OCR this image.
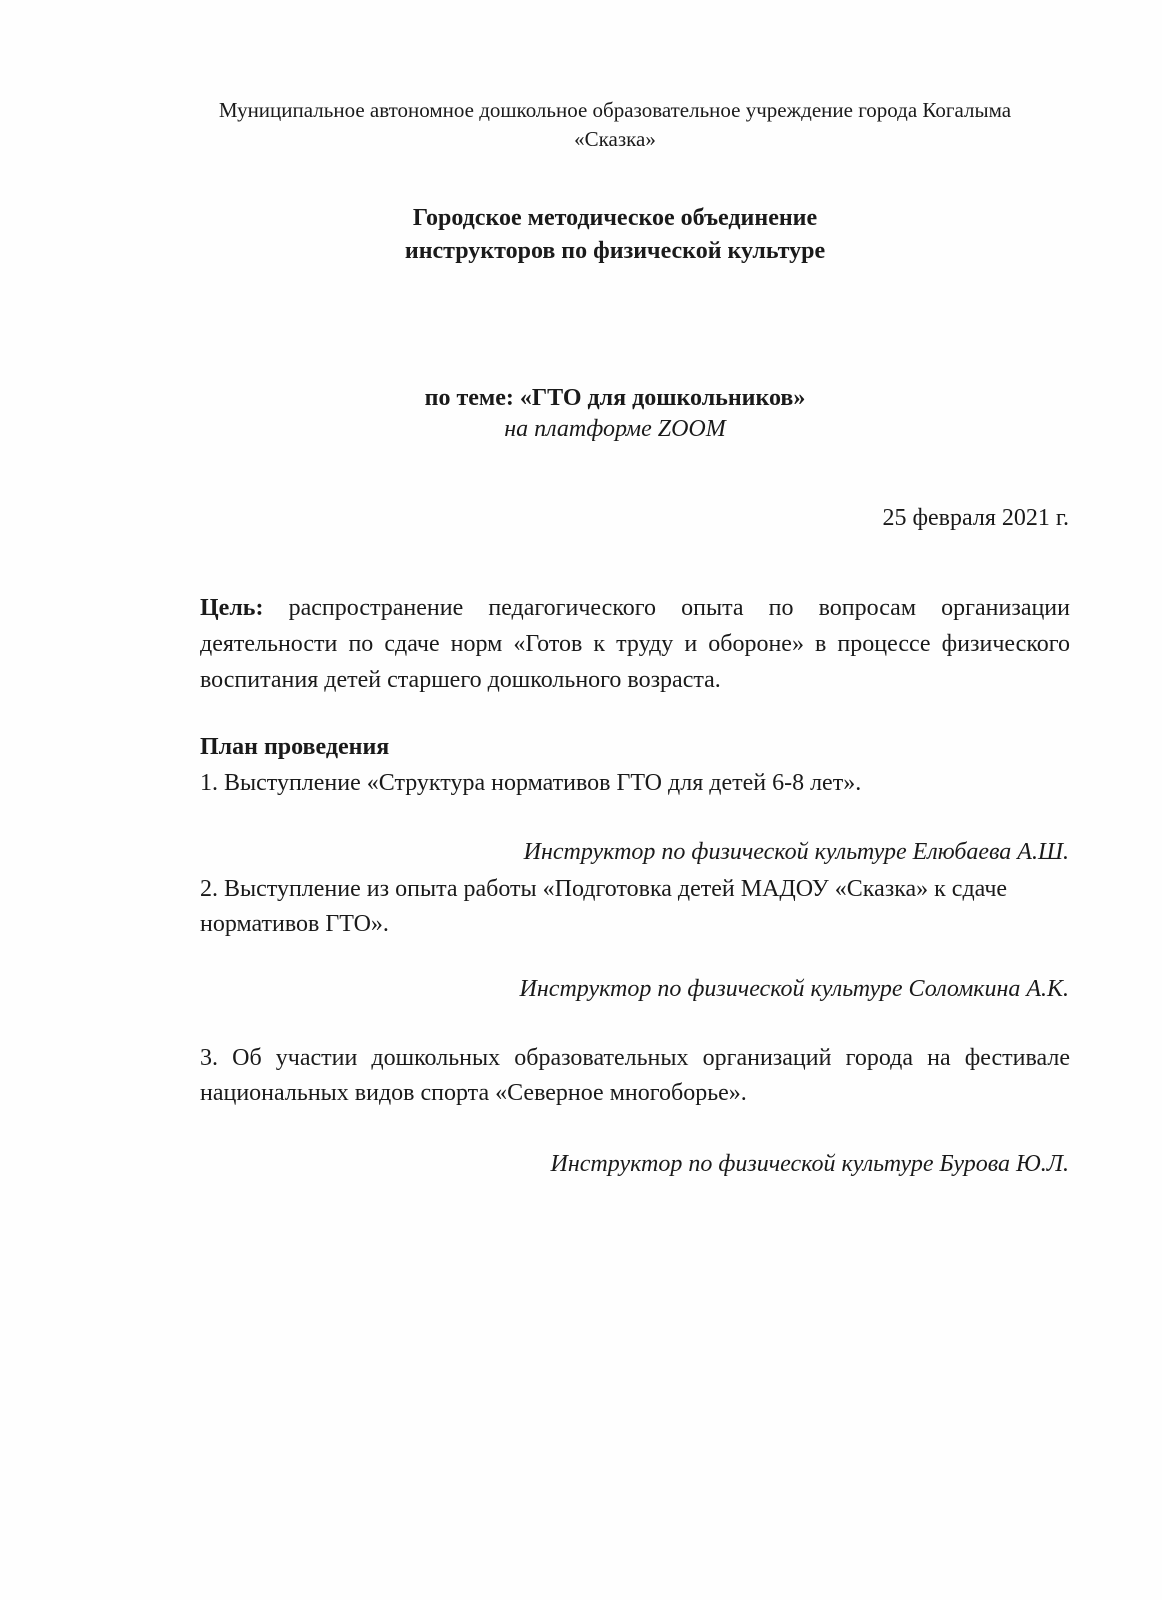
Муниципальное автономное дошкольное образовательное учреждение города Когалыма
«Сказка»
Городское методическое объединение
инструкторов по физической культуре
по теме: «ГТО для дошкольников»
на платформе ZOOM
25 февраля 2021 г.
Цель: распространение педагогического опыта по вопросам организации деятельности по сдаче норм «Готов к труду и обороне» в процессе физического воспитания детей старшего дошкольного возраста.
План проведения
1. Выступление «Структура нормативов ГТО для детей 6-8 лет».
Инструктор по физической культуре Елюбаева А.Ш.
2. Выступление из опыта работы «Подготовка детей МАДОУ «Сказка» к сдаче нормативов ГТО».
Инструктор по физической культуре Соломкина А.К.
3. Об участии дошкольных образовательных организаций города на фестивале национальных видов спорта «Северное многоборье».
Инструктор по физической культуре Бурова Ю.Л.
